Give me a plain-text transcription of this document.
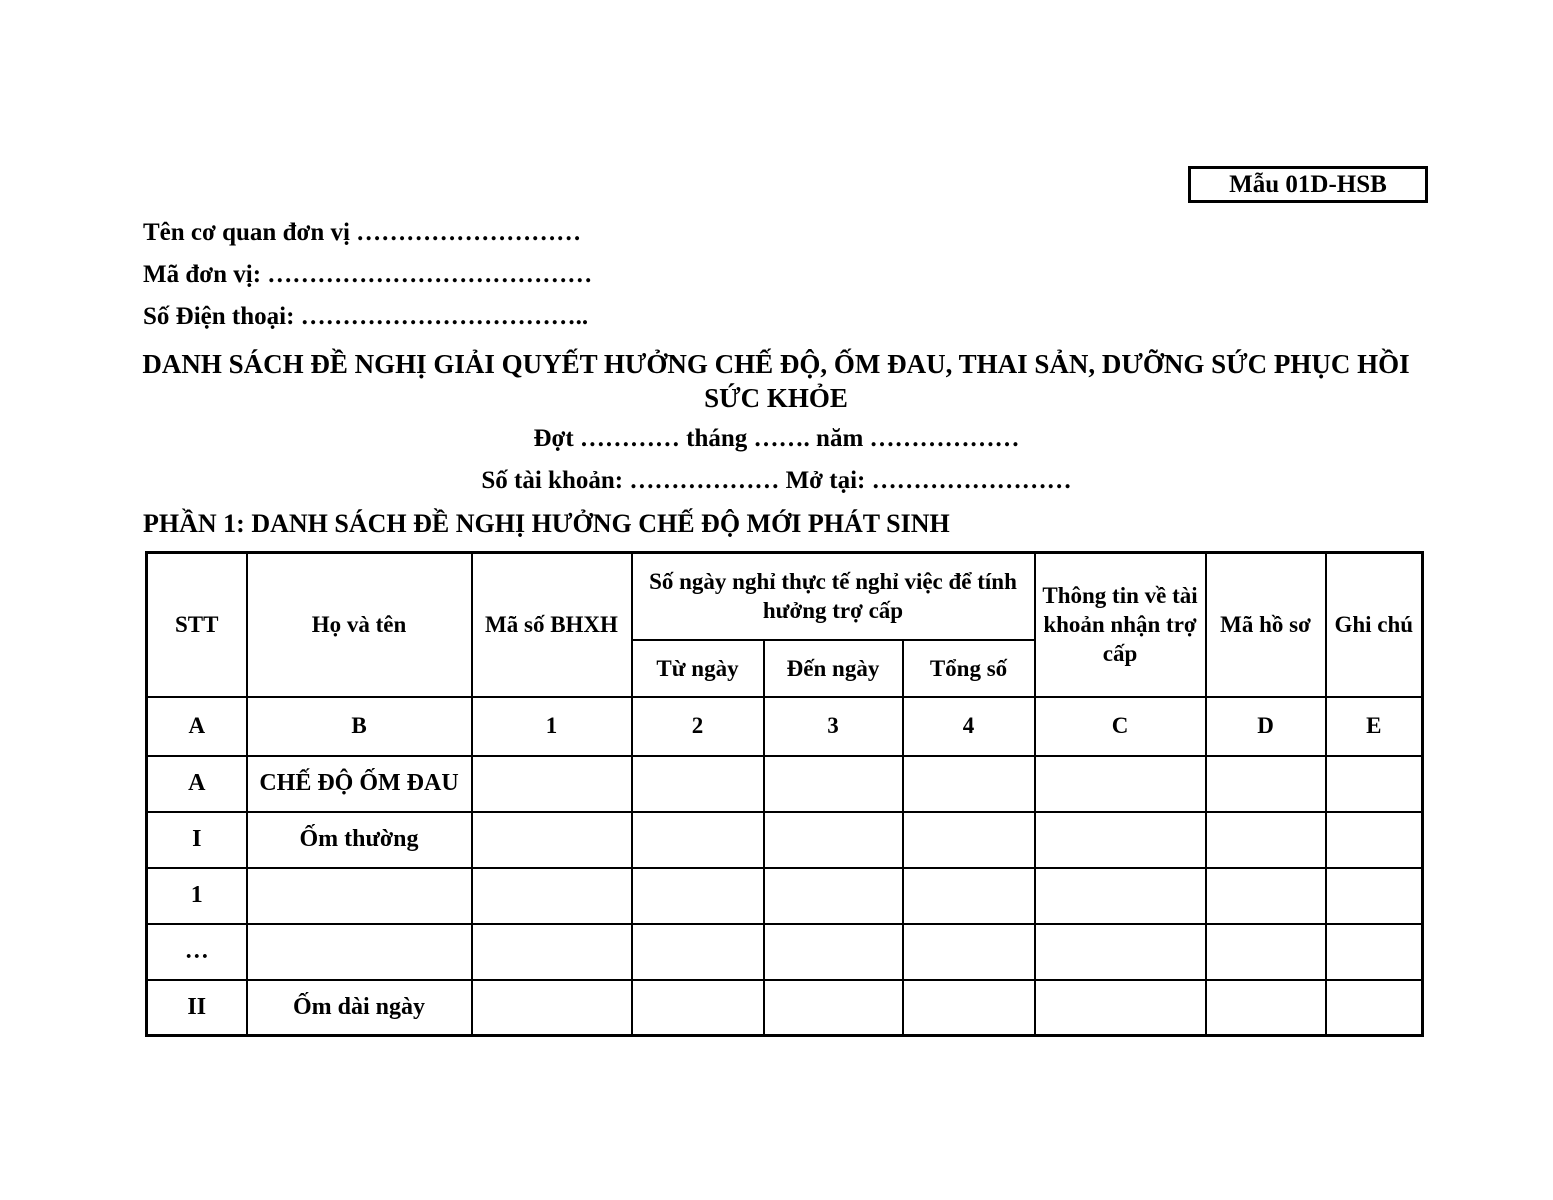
Mẫu 01D-HSB
Tên cơ quan đơn vị ………………………
Mã đơn vị: …………………………………
Số Điện thoại: ……………………………..
DANH SÁCH ĐỀ NGHỊ GIẢI QUYẾT HƯỞNG CHẾ ĐỘ, ỐM ĐAU, THAI SẢN, DƯỠNG SỨC PHỤC HỒI SỨC KHỎE
Đợt ………… tháng ……. năm ………………
Số tài khoản: ……………… Mở tại: ……………………
PHẦN 1: DANH SÁCH ĐỀ NGHỊ HƯỞNG CHẾ ĐỘ MỚI PHÁT SINH
STT	Họ và tên	Mã số BHXH	Số ngày nghỉ thực tế nghỉ việc để tính hưởng trợ cấp			Thông tin về tài khoản nhận trợ cấp	Mã hồ sơ	Ghi chú
			Từ ngày	Đến ngày	Tổng số			
A	B	1	2	3	4	C	D	E
A	CHẾ ĐỘ ỐM ĐAU							
I	Ốm thường							
1								
…								
II	Ốm dài ngày							
